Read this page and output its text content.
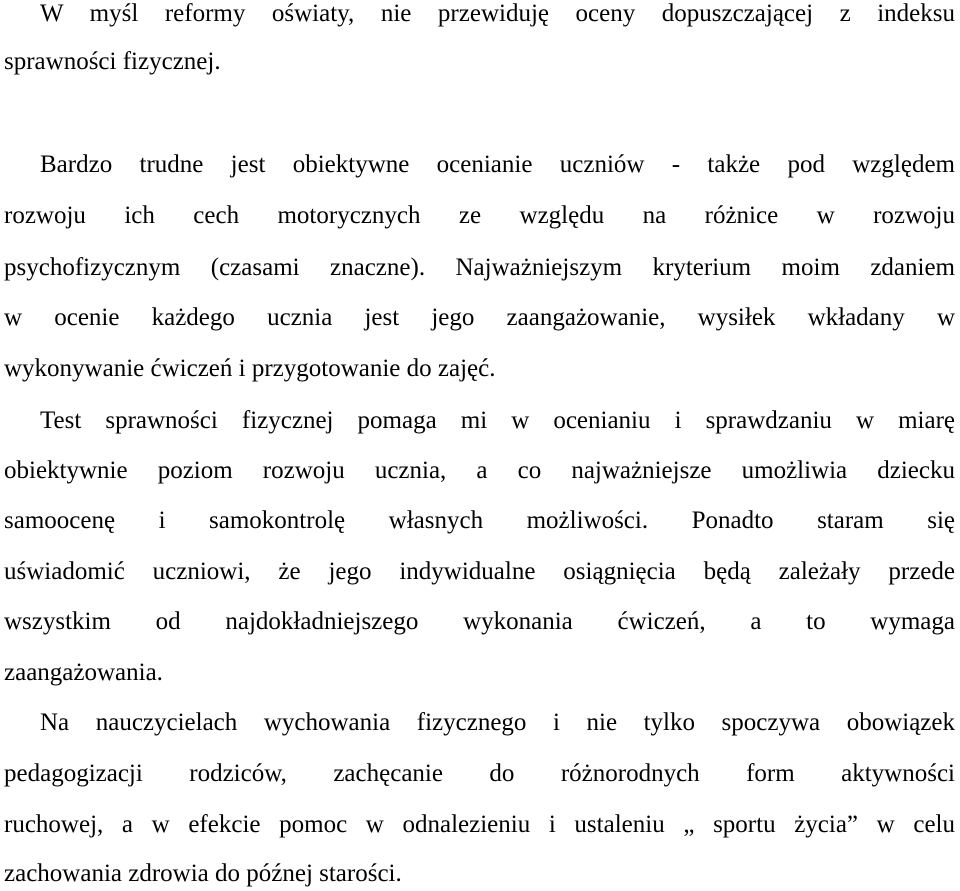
W myśl reformy oświaty, nie przewiduję oceny dopuszczającej z indeksu
sprawności fizycznej.
Bardzo trudne jest obiektywne ocenianie uczniów - także pod względem
rozwoju ich cech motorycznych ze względu na różnice w rozwoju
psychofizycznym (czasami znaczne). Najważniejszym kryterium moim zdaniem
w ocenie każdego ucznia jest jego zaangażowanie, wysiłek wkładany w
wykonywanie ćwiczeń i przygotowanie do zajęć.
Test sprawności fizycznej pomaga mi w ocenianiu i sprawdzaniu w miarę
obiektywnie poziom rozwoju ucznia, a co najważniejsze umożliwia dziecku
samoocenę i samokontrolę własnych możliwości. Ponadto staram się
uświadomić uczniowi, że jego indywidualne osiągnięcia będą zależały przede
wszystkim od najdokładniejszego wykonania ćwiczeń, a to wymaga
zaangażowania.
Na nauczycielach wychowania fizycznego i nie tylko spoczywa obowiązek
pedagogizacji rodziców, zachęcanie do różnorodnych form aktywności
ruchowej, a w efekcie pomoc w odnalezieniu i ustaleniu „ sportu życia” w celu
zachowania zdrowia do późnej starości.
